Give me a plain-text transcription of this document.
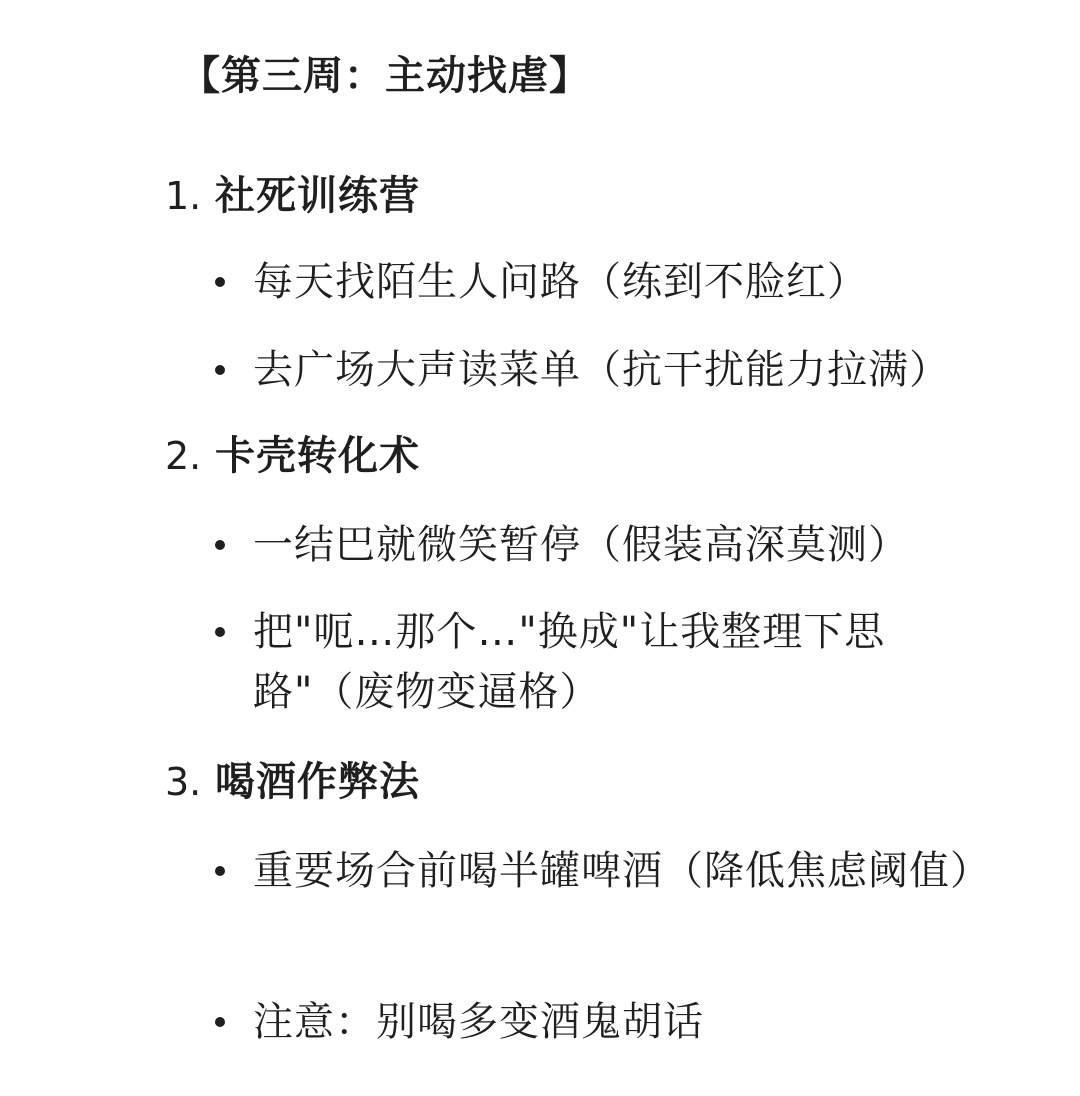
【第三周：主动找虐】
1. 社死训练营
每天找陌生人问路（练到不脸红）
去广场大声读菜单（抗干扰能力拉满）
2. 卡壳转化术
一结巴就微笑暂停（假装高深莫测）
把"呃…那个…"换成"让我整理下思路"（废物变逼格）
3. 喝酒作弊法
重要场合前喝半罐啤酒（降低焦虑阈值）
注意：别喝多变酒鬼胡话
